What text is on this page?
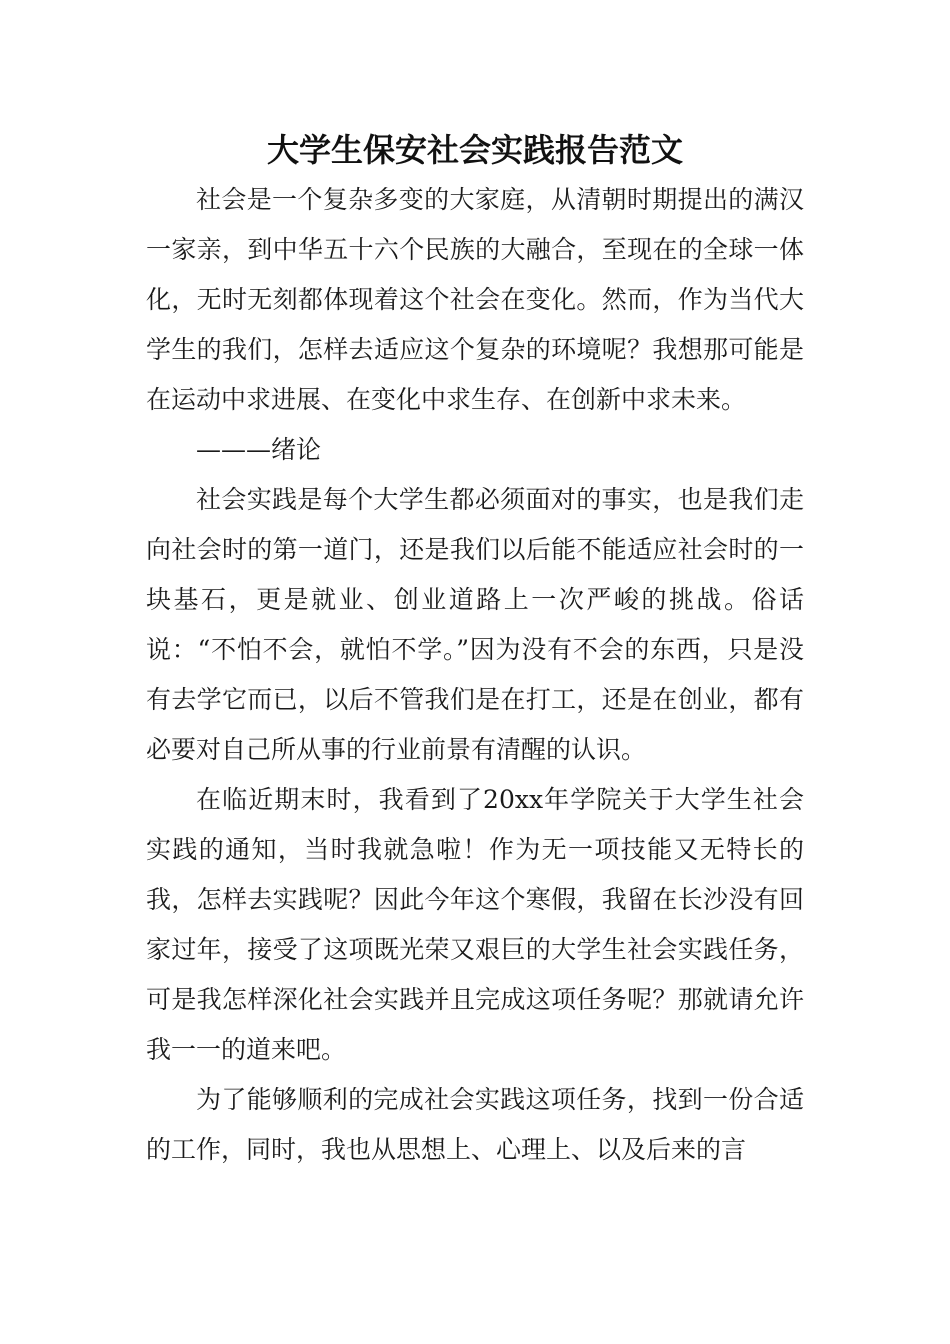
大学生保安社会实践报告范文

社会是一个复杂多变的大家庭，从清朝时期提出的满汉一家亲，到中华五十六个民族的大融合，至现在的全球一体化，无时无刻都体现着这个社会在变化。然而，作为当代大学生的我们，怎样去适应这个复杂的环境呢？我想那可能是在运动中求进展、在变化中求生存、在创新中求未来。

———绪论

社会实践是每个大学生都必须面对的事实，也是我们走向社会时的第一道门，还是我们以后能不能适应社会时的一块基石，更是就业、创业道路上一次严峻的挑战。俗话说：“不怕不会，就怕不学。”因为没有不会的东西，只是没有去学它而已，以后不管我们是在打工，还是在创业，都有必要对自己所从事的行业前景有清醒的认识。

在临近期末时，我看到了20xx年学院关于大学生社会实践的通知，当时我就急啦！作为无一项技能又无特长的我，怎样去实践呢？因此今年这个寒假，我留在长沙没有回家过年，接受了这项既光荣又艰巨的大学生社会实践任务，可是我怎样深化社会实践并且完成这项任务呢？那就请允许我一一的道来吧。

为了能够顺利的完成社会实践这项任务，找到一份合适的工作，同时，我也从思想上、心理上、以及后来的言
